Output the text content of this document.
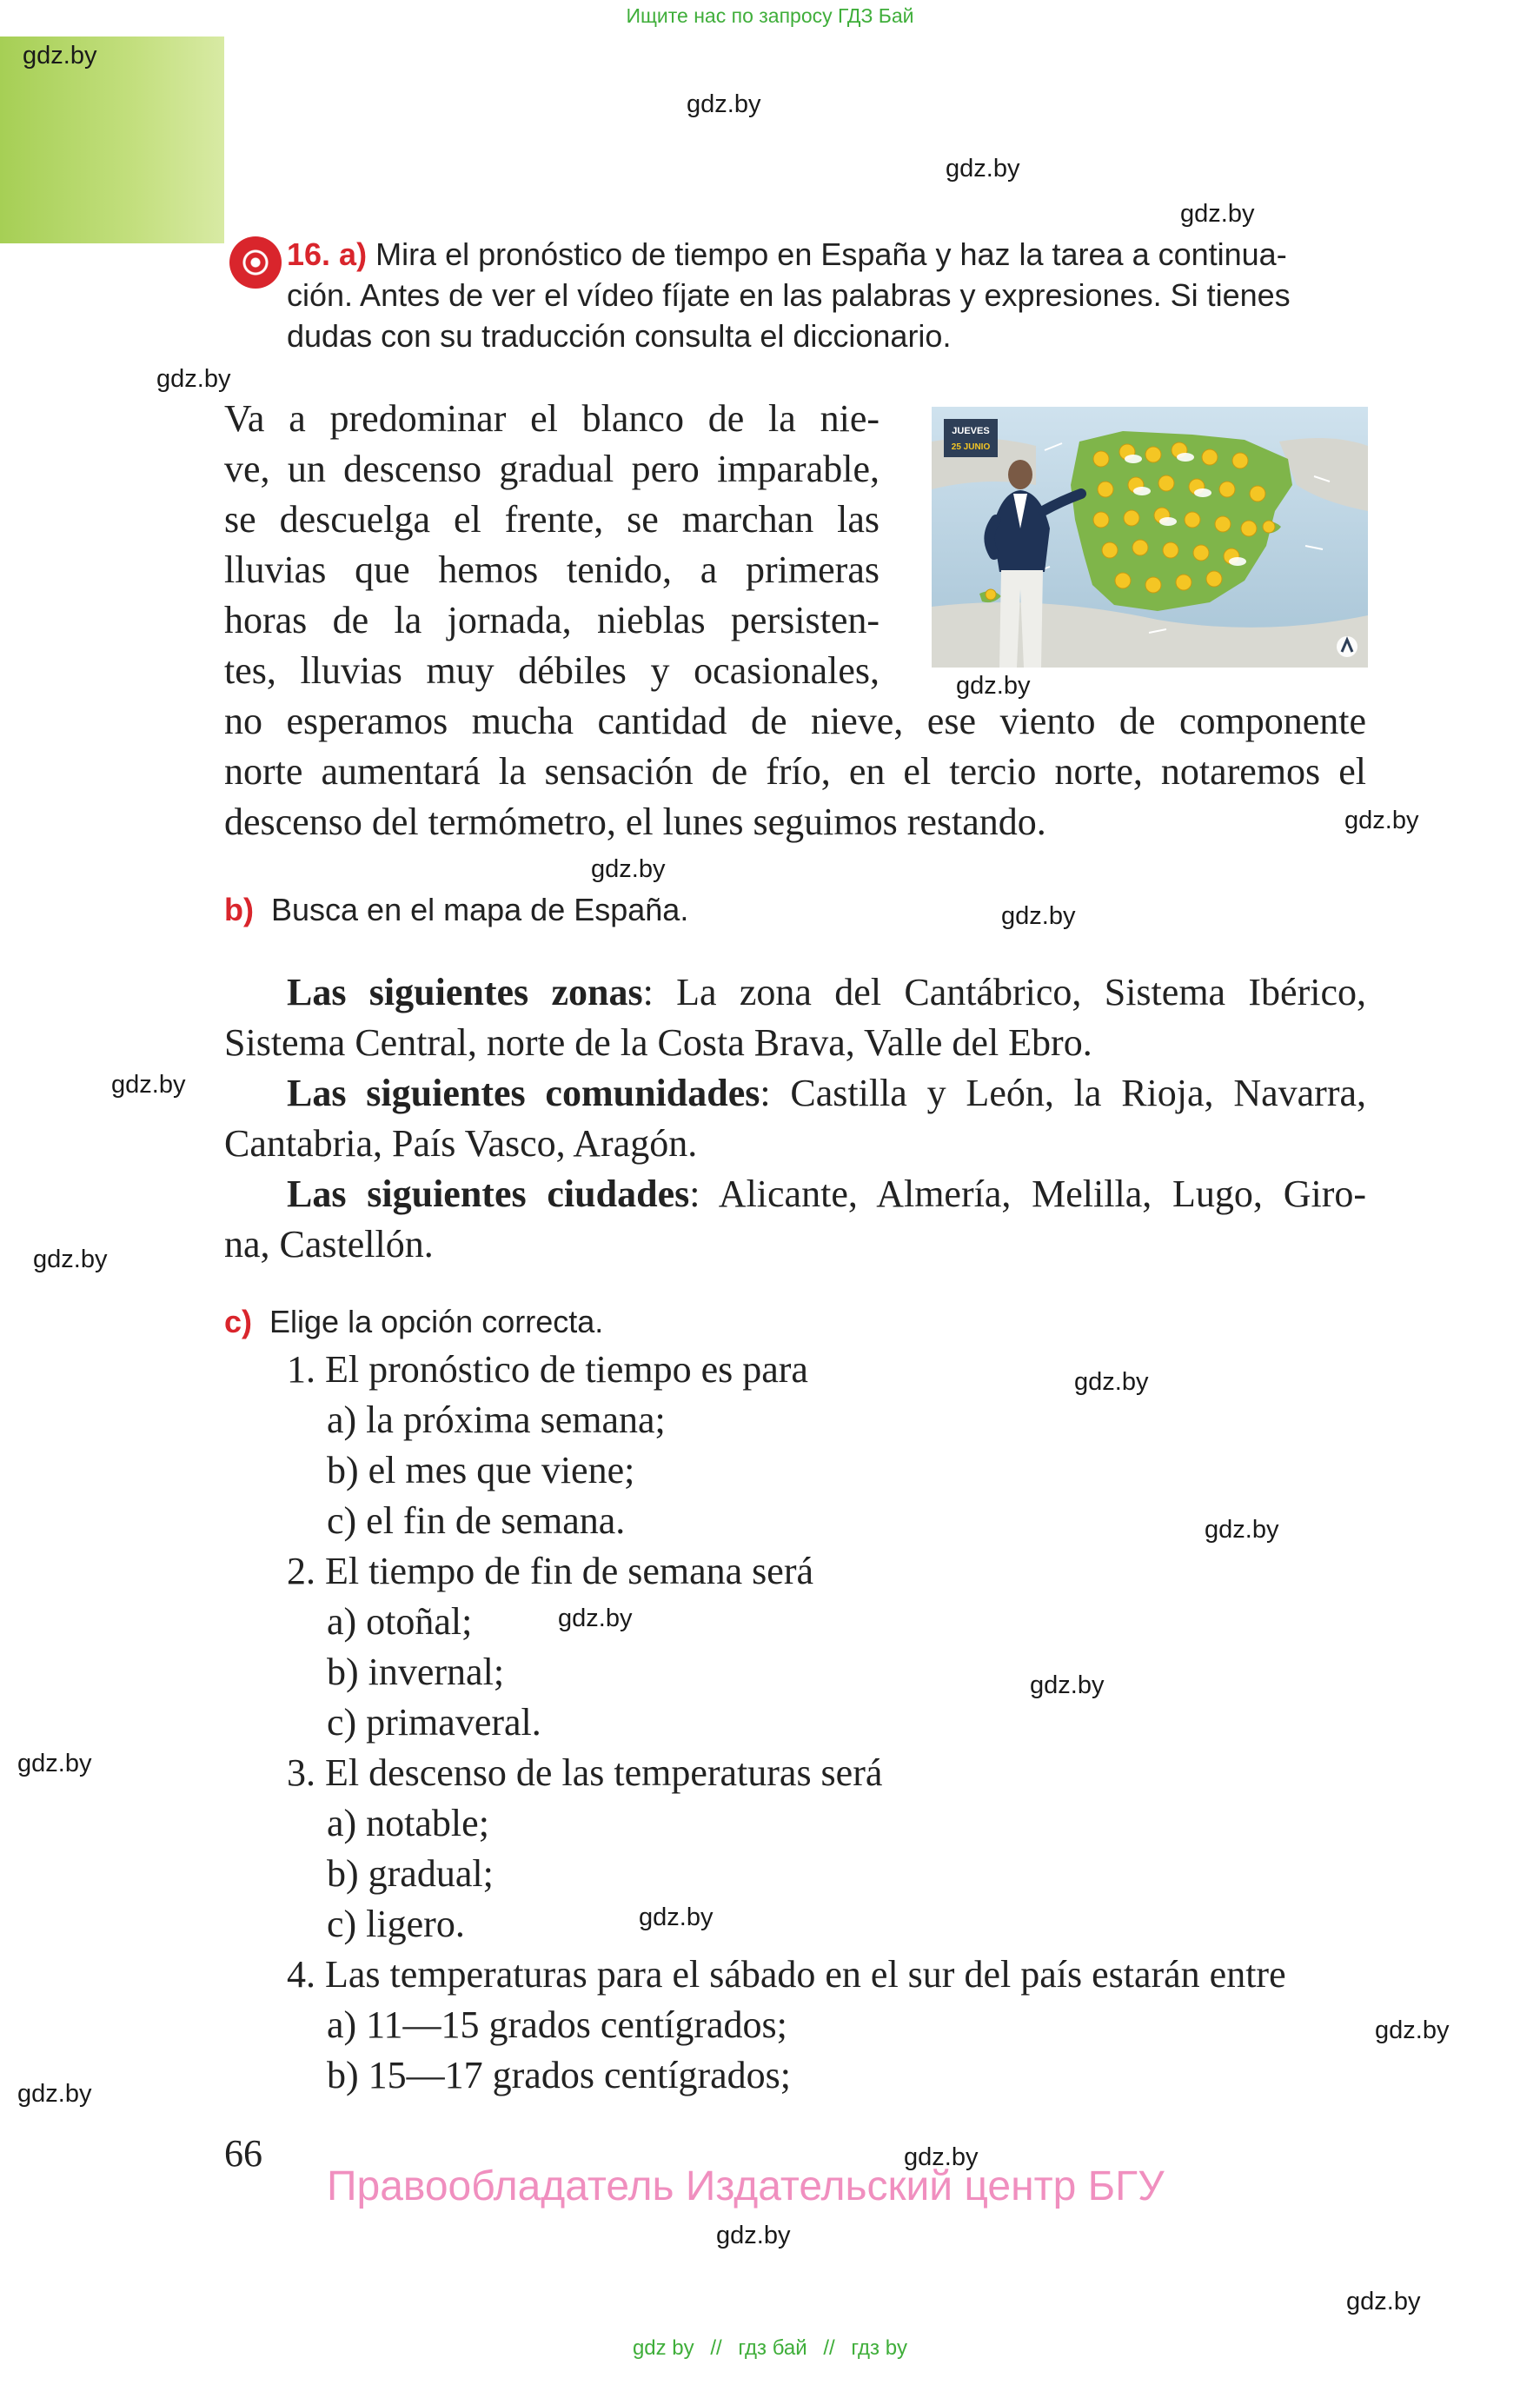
Ищите нас по запросу ГДЗ Бай
gdz.by
gdz.by
gdz.by
gdz.by
gdz.by
gdz.by
gdz.by
gdz.by
gdz.by
gdz.by
gdz.by
gdz.by
gdz.by
gdz.by
gdz.by
gdz.by
gdz.by
gdz.by
gdz.by
gdz.by
gdz.by
gdz.by
16. a) Mira el pronóstico de tiempo en España y haz la tarea a continua-
ción. Antes de ver el vídeo fíjate en las palabras y expresiones. Si tienes
dudas con su traducción consulta el diccionario.
Va a predominar el blanco de la nie-
ve, un descenso gradual pero imparable,
se descuelga el frente, se marchan las
lluvias que hemos tenido, a primeras
horas de la jornada, nieblas persisten-
tes, lluvias muy débiles y ocasionales,
no esperamos mucha cantidad de nieve, ese viento de componente
norte aumentará la sensación de frío, en el tercio norte, notaremos el
descenso del termómetro, el lunes seguimos restando.
JUEVES
25 JUNIO
b) Busca en el mapa de España.
Las siguientes zonas: La zona del Cantábrico, Sistema Ibérico,
Sistema Central, norte de la Costa Brava, Valle del Ebro.
Las siguientes comunidades: Castilla y León, la Rioja, Navarra,
Cantabria, País Vasco, Aragón.
Las siguientes ciudades: Alicante, Almería, Melilla, Lugo, Giro-
na, Castellón.
c) Elige la opción correcta.
1. El pronóstico de tiempo es para
a) la próxima semana;
b) el mes que viene;
c) el fin de semana.
2. El tiempo de fin de semana será
a) otoñal;
b) invernal;
c) primaveral.
3. El descenso de las temperaturas será
a) notable;
b) gradual;
c) ligero.
4. Las temperaturas para el sábado en el sur del país estarán entre
a) 11—15 grados centígrados;
b) 15—17 grados centígrados;
66
Правообладатель Издательский центр БГУ
gdz by // гдз бай // гдз by
